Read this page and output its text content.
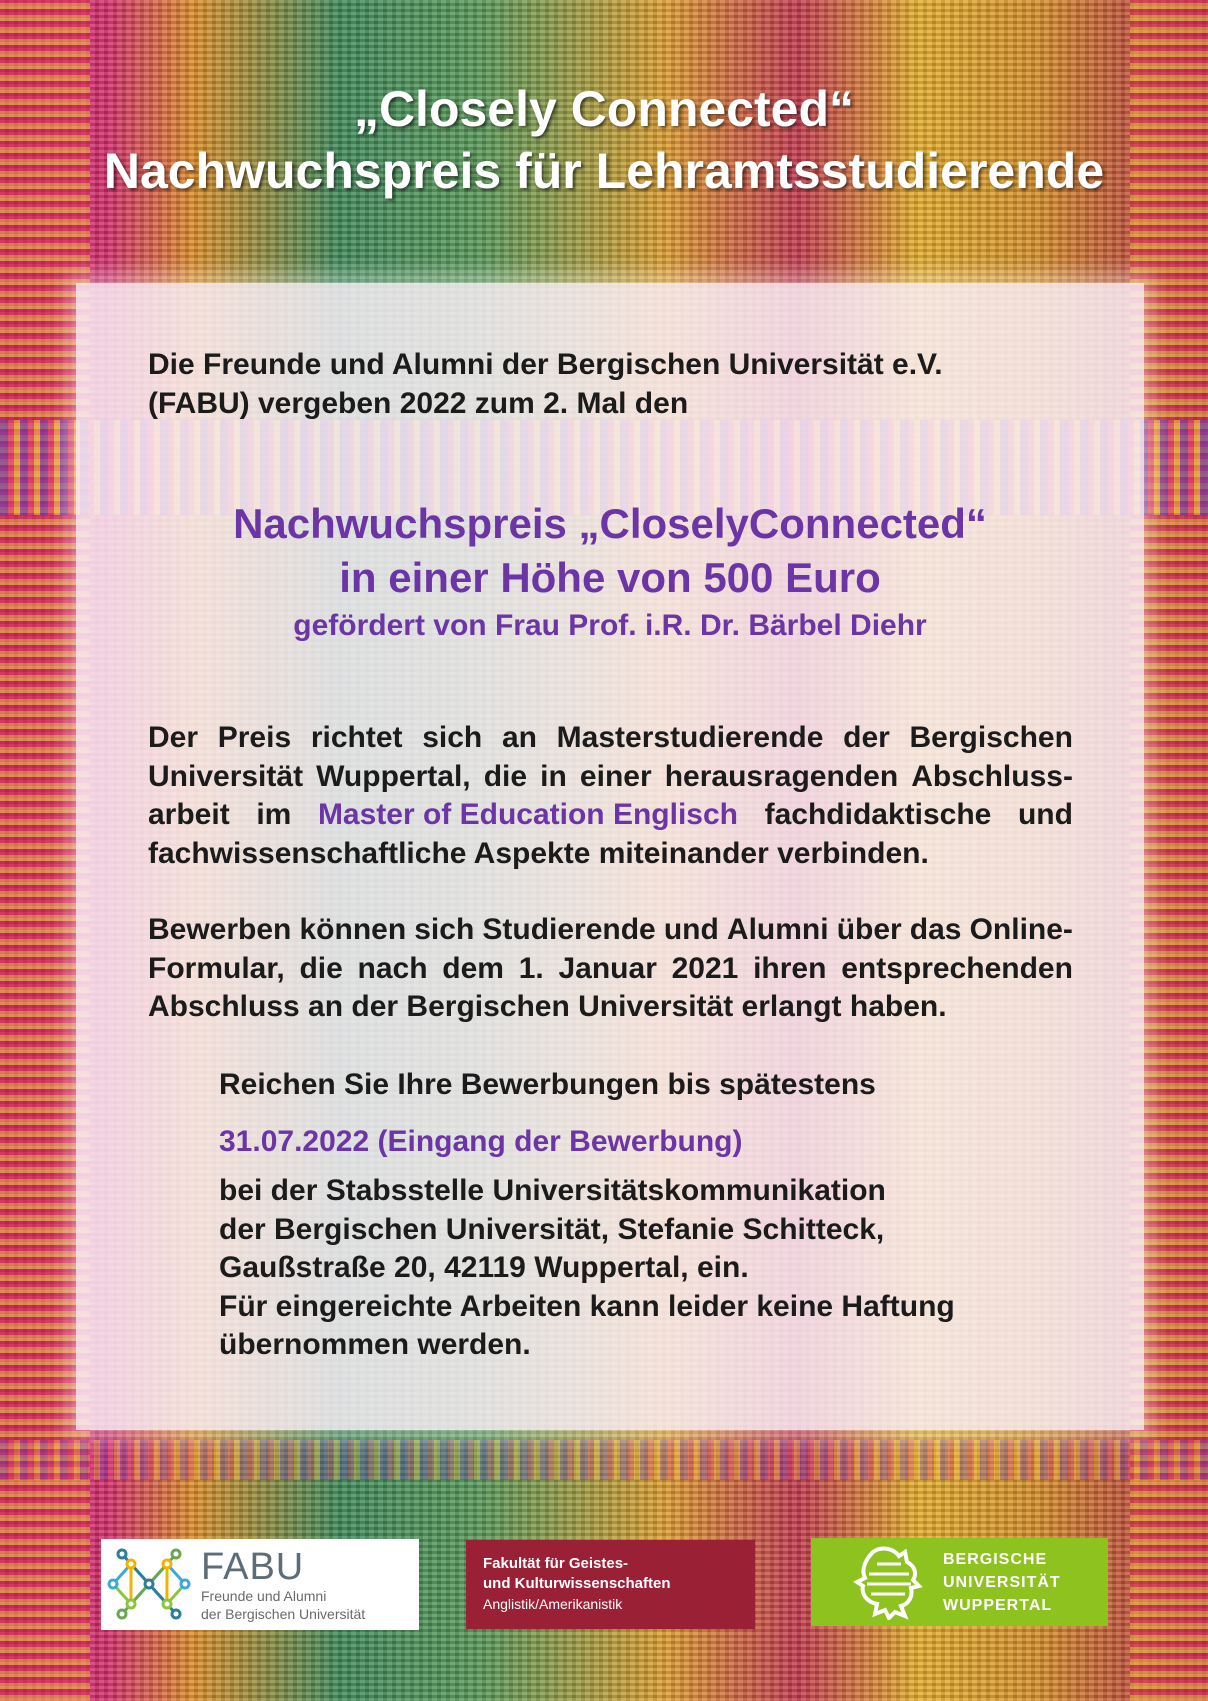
„Closely Connected“
Nachwuchspreis für Lehramtsstudierende
Die Freunde und Alumni der Bergischen Universität e.V.
(FABU) vergeben 2022 zum 2. Mal den
Nachwuchspreis „CloselyConnected“
in einer Höhe von 500 Euro
gefördert von Frau Prof. i.R. Dr. Bärbel Diehr
Der Preis richtet sich an Masterstudierende der Bergischen
Universität Wuppertal, die in einer herausragenden Abschluss-
arbeit im Master of Education Englisch fachdidaktische und
fachwissenschaftliche Aspekte miteinander verbinden.
Bewerben können sich Studierende und Alumni über das Online-
Formular, die nach dem 1. Januar 2021 ihren entsprechenden
Abschluss an der Bergischen Universität erlangt haben.
Reichen Sie Ihre Bewerbungen bis spätestens
31.07.2022 (Eingang der Bewerbung)
bei der Stabsstelle Universitätskommunikation
der Bergischen Universität, Stefanie Schitteck,
Gaußstraße 20, 42119 Wuppertal, ein.
Für eingereichte Arbeiten kann leider keine Haftung
übernommen werden.
FABU
Freunde und Alumni
der Bergischen Universität
Fakultät für Geistes-
und Kulturwissenschaften
Anglistik/Amerikanistik
BERGISCHE
UNIVERSITÄT
WUPPERTAL
